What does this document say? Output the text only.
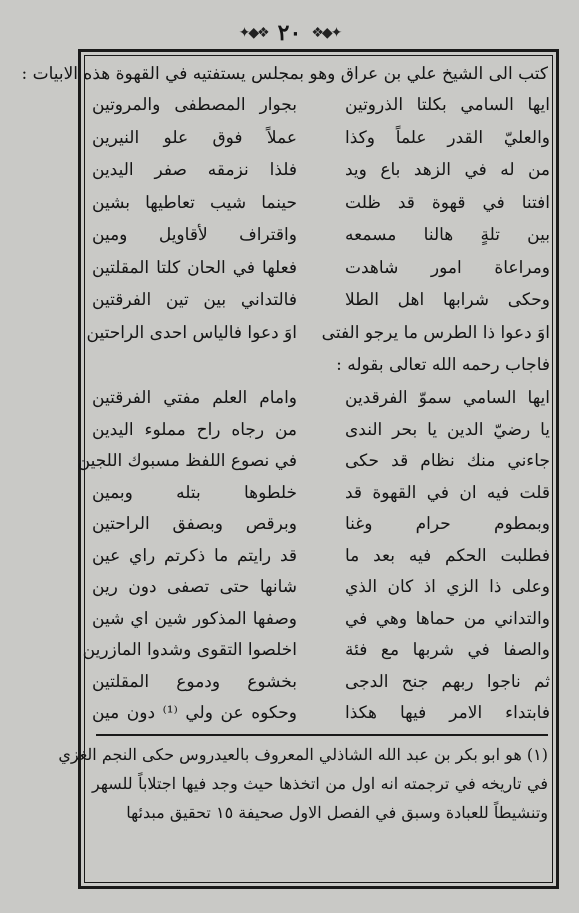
✦◆❖ ٢٠ ❖◆✦
كتب الى الشيخ علي بن عراق وهو بمجلس يستفتيه في القهوة هذه الابيات :
ايها السامي بكلتا الذروتين
بجوار المصطفى والمروتين
والعليّ القدر علماً وكذا
عملاً فوق علو النيرين
من له في الزهد باع ويد
فلذا نزمقه صفر اليدين
افتنا في قهوة قد ظلت
حينما شيب تعاطيها بشين
بين تلةٍ هالنا مسمعه
واقتراف لأقاويل ومين
ومراعاة امور شاهدت
فعلها في الحان كلتا المقلتين
وحكى شرابها اهل الطلا
فالتداني بين تين الفرقتين
اوَ دعوا ذا الطرس ما يرجو الفتى
اوَ دعوا فالياس احدى الراحتين
فاجاب رحمه الله تعالى بقوله :
ايها السامي سموّ الفرقدين
وامام العلم مفتي الفرقتين
يا رضيّ الدين يا بحر الندى
من رجاه راح مملوء اليدين
جاءني منك نظام قد حكى
في نصوع اللفظ مسبوك اللجين
قلت فيه ان في القهوة قد
خلطوها بتله وبمين
وبمطوم حرام وغنا
وبرقص وبصفق الراحتين
فطلبت الحكم فيه بعد ما
قد رايتم ما ذكرتم راي عين
وعلى ذا الزي اذ كان الذي
شانها حتى تصفى دون رين
والتداني من حماها وهي في
وصفها المذكور شين اي شين
والصفا في شربها مع فئة
اخلصوا التقوى وشدوا المازرين
ثم ناجوا ربهم جنح الدجى
بخشوع ودموع المقلتين
فابتداء الامر فيها هكذا
وحكوه عن ولي ⁽¹⁾ دون مين
(١) هو ابو بكر بن عبد الله الشاذلي المعروف بالعيدروس حكى النجم الغزي
في تاريخه في ترجمته انه اول من اتخذها حيث وجد فيها اجتلاباً للسهر
وتنشيطاً للعبادة وسبق في الفصل الاول صحيفة ١٥ تحقيق مبدئها
